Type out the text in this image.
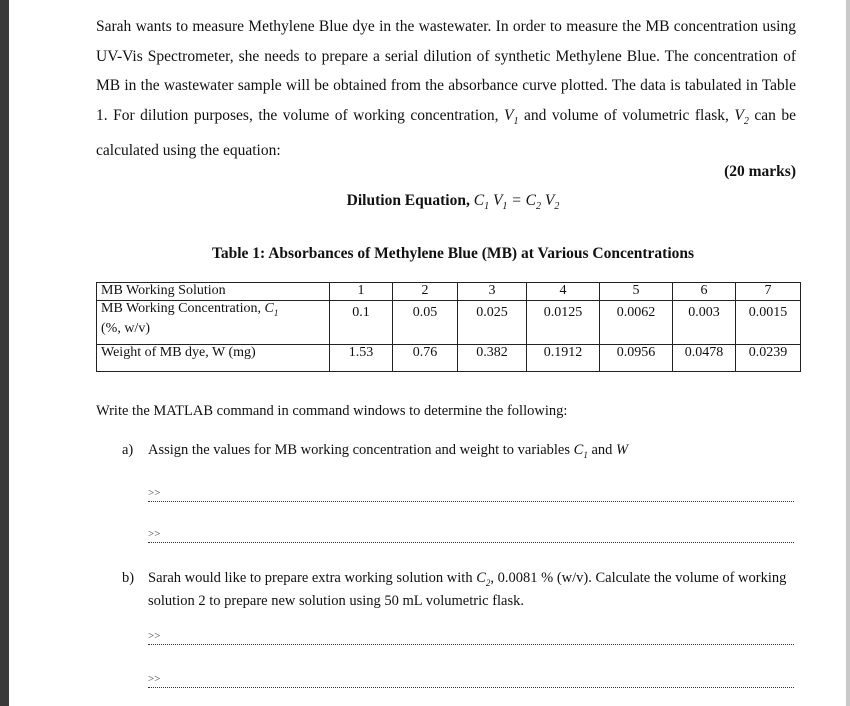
Sarah wants to measure Methylene Blue dye in the wastewater. In order to measure the MB concentration using UV-Vis Spectrometer, she needs to prepare a serial dilution of synthetic Methylene Blue. The concentration of MB in the wastewater sample will be obtained from the absorbance curve plotted. The data is tabulated in Table 1. For dilution purposes, the volume of working concentration, $V_1$ and volume of volumetric flask, $V_2$ can be calculated using the equation:

(20 marks)
Dilution Equation, $C_1$ $V_1 = C_2$ $V_2$
Table 1: Absorbances of Methylene Blue (MB) at Various Concentrations
MB Working Solution	1	2	3	4	5	6	7
MB Working Concentration, $C_1$
(%, w/v)	0.1	0.05	0.025	0.0125	0.0062	0.003	0.0015
Weight of MB dye, W (mg)	1.53	0.76	0.382	0.1912	0.0956	0.0478	0.0239
Write the MATLAB command in command windows to determine the following:
a) Assign the values for MB working concentration and weight to variables $C_1$ and W
>>
>>
b) Sarah would like to prepare extra working solution with $C_2$, 0.0081 % (w/v). Calculate the volume of working solution 2 to prepare new solution using 50 mL volumetric flask.
>>
>>
